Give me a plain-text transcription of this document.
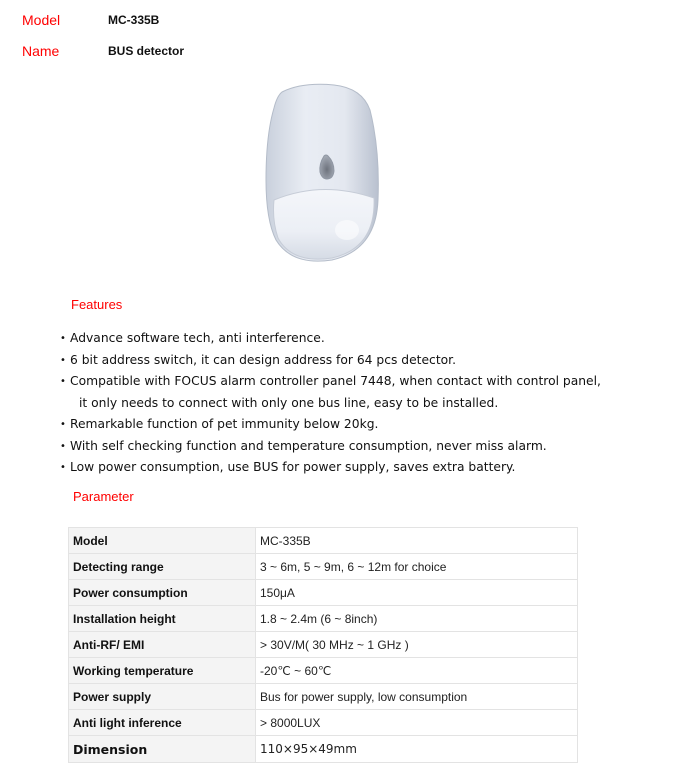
Model	MC-335B
Name	BUS detector
Features
• Advance software tech, anti interference.
• 6 bit address switch, it can design address for 64 pcs detector.
• Compatible with FOCUS alarm controller panel 7448, when contact with control panel,
it only needs to connect with only one bus line, easy to be installed.
• Remarkable function of pet immunity below 20kg.
• With self checking function and temperature consumption, never miss alarm.
• Low power consumption, use BUS for power supply, saves extra battery.
Parameter
Model	MC-335B
Detecting range	3 ~ 6m, 5 ~ 9m, 6 ~ 12m for choice
Power consumption	150μA
Installation height	1.8 ~ 2.4m (6 ~ 8inch)
Anti-RF/ EMI	> 30V/M( 30 MHz ~ 1 GHz )
Working temperature	-20℃ ~ 60℃
Power supply	Bus for power supply, low consumption
Anti light inference	> 8000LUX
Dimension	110×95×49mm
